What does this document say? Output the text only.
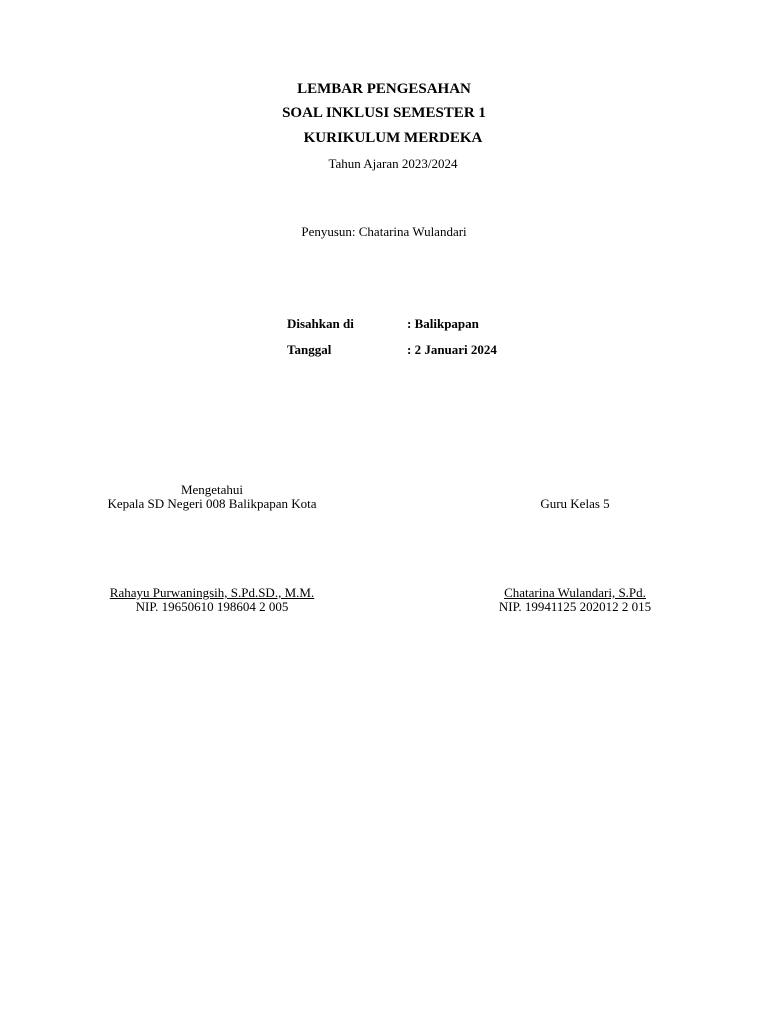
LEMBAR PENGESAHAN
SOAL INKLUSI SEMESTER 1
KURIKULUM MERDEKA
Tahun Ajaran 2023/2024
Penyusun: Chatarina Wulandari
Disahkan di	: Balikpapan
Tanggal	: 2 Januari 2024
Mengetahui
Kepala SD Negeri 008 Balikpapan Kota
Rahayu Purwaningsih, S.Pd.SD., M.M.
NIP. 19650610 198604 2 005
Guru Kelas 5
Chatarina Wulandari, S.Pd.
NIP. 19941125 202012 2 015
